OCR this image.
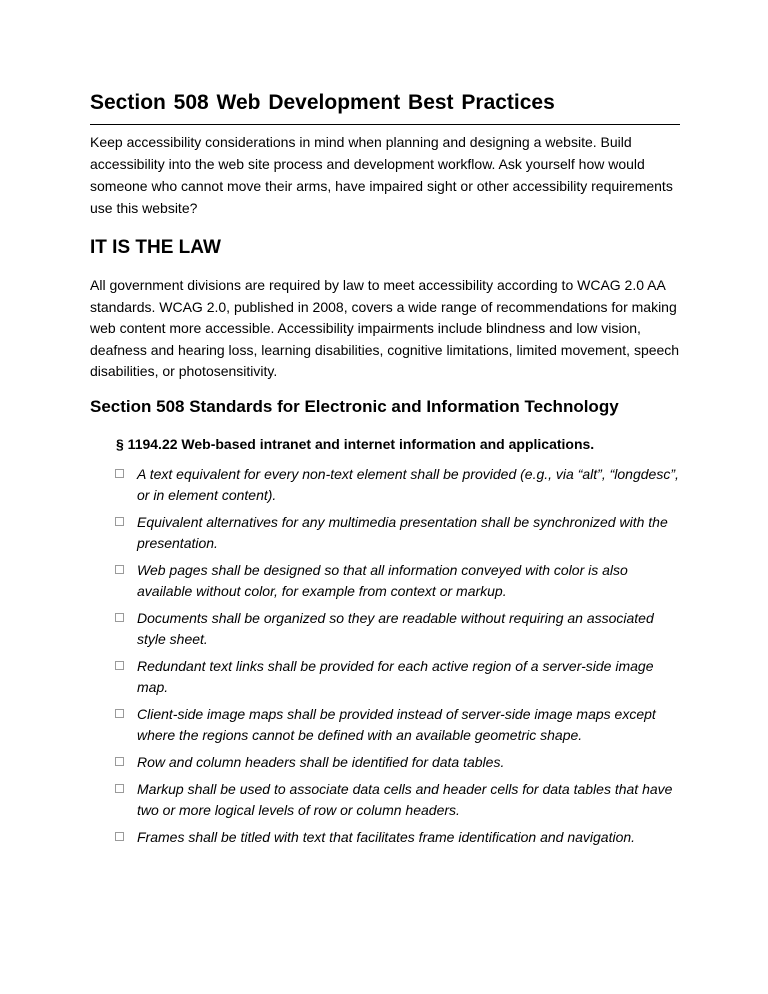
Section 508 Web Development Best Practices

Keep accessibility considerations in mind when planning and designing a website. Build accessibility into the web site process and development workflow. Ask yourself how would someone who cannot move their arms, have impaired sight or other accessibility requirements use this website?

IT IS THE LAW

All government divisions are required by law to meet accessibility according to WCAG 2.0 AA standards. WCAG 2.0, published in 2008, covers a wide range of recommendations for making web content more accessible. Accessibility impairments include blindness and low vision, deafness and hearing loss, learning disabilities, cognitive limitations, limited movement, speech disabilities, or photosensitivity.

Section 508 Standards for Electronic and Information Technology
§ 1194.22 Web-based intranet and internet information and applications.
A text equivalent for every non-text element shall be provided (e.g., via “alt”, “longdesc”, or in element content).
Equivalent alternatives for any multimedia presentation shall be synchronized with the presentation.
Web pages shall be designed so that all information conveyed with color is also available without color, for example from context or markup.
Documents shall be organized so they are readable without requiring an associated style sheet.
Redundant text links shall be provided for each active region of a server-side image map.
Client-side image maps shall be provided instead of server-side image maps except where the regions cannot be defined with an available geometric shape.
Row and column headers shall be identified for data tables.
Markup shall be used to associate data cells and header cells for data tables that have two or more logical levels of row or column headers.
Frames shall be titled with text that facilitates frame identification and navigation.
